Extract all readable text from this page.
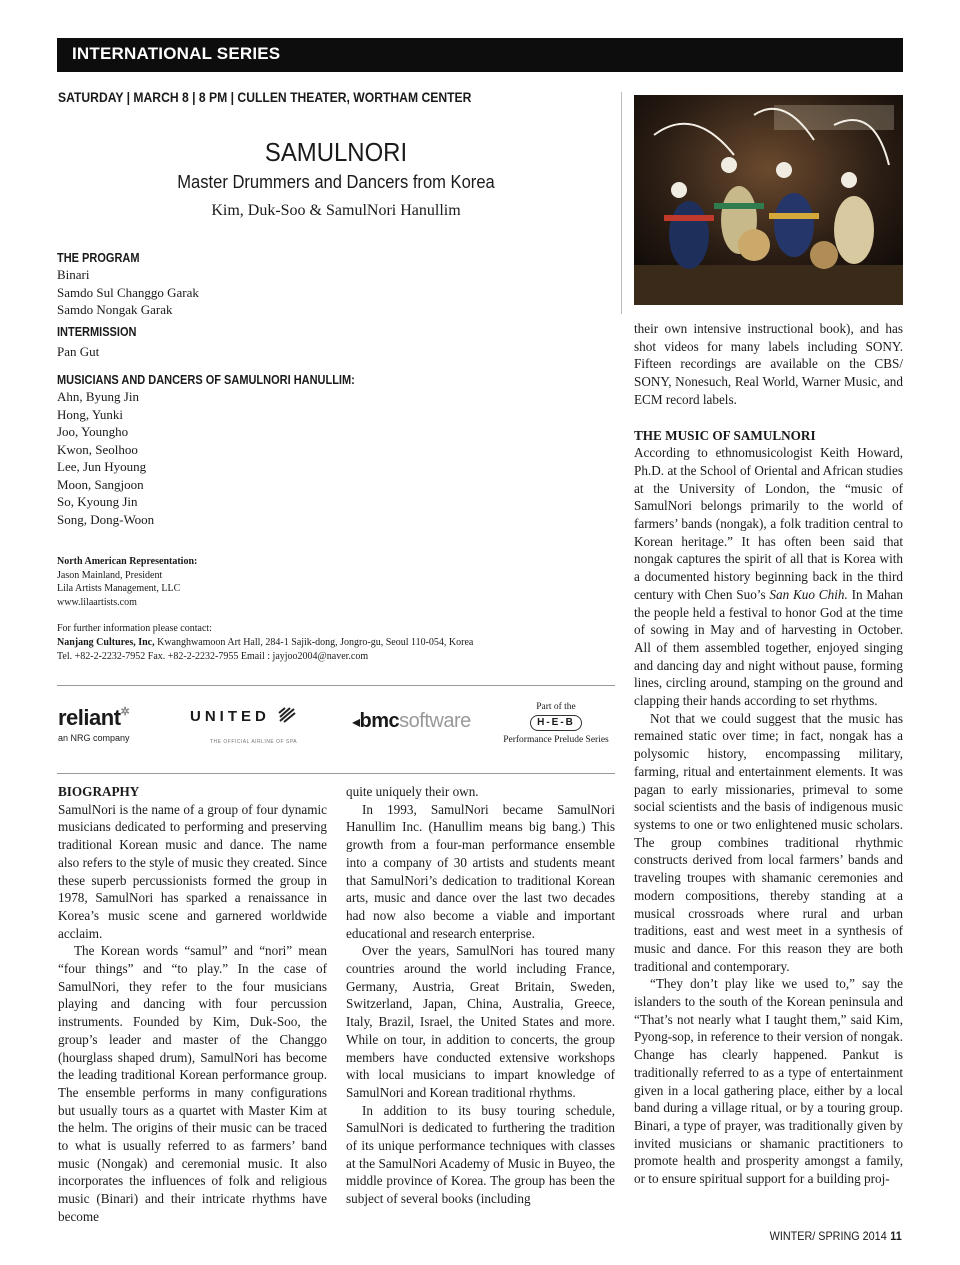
INTERNATIONAL SERIES
SATURDAY | MARCH 8 | 8 PM | CULLEN THEATER, WORTHAM CENTER
SAMULNORI
Master Drummers and Dancers from Korea
Kim, Duk-Soo & SamulNori Hanullim
THE PROGRAM
Binari
Samdo Sul Changgo Garak
Samdo Nongak Garak
INTERMISSION
Pan Gut
MUSICIANS AND DANCERS OF SAMULNORI HANULLIM:
Ahn, Byung Jin
Hong, Yunki
Joo, Youngho
Kwon, Seolhoo
Lee, Jun Hyoung
Moon, Sangjoon
So, Kyoung Jin
Song, Dong-Woon
North American Representation:
Jason Mainland, President
Lila Artists Management, LLC
www.lilaartists.com
For further information please contact:
Nanjang Cultures, Inc, Kwanghwamoon Art Hall, 284-1 Sajik-dong, Jongro-gu, Seoul 110-054, Korea
Tel. +82-2-2232-7952 Fax. +82-2-2232-7955 Email : jayjoo2004@naver.com
reliant✲
an NRG company
UNITED
THE OFFICIAL AIRLINE OF SPA
◂bmcsoftware
Part of the
H-E-B
Performance Prelude Series
BIOGRAPHY

SamulNori is the name of a group of four dynamic musicians dedicated to performing and preserving traditional Korean music and dance. The name also refers to the style of music they created. Since these superb percussionists formed the group in 1978, SamulNori has sparked a renaissance in Korea’s music scene and garnered worldwide acclaim.

The Korean words “samul” and “nori” mean “four things” and “to play.” In the case of SamulNori, they refer to the four musicians playing and dancing with four percussion instruments. Founded by Kim, Duk-Soo, the group’s leader and master of the Changgo (hourglass shaped drum), SamulNori has become the leading traditional Korean performance group. The ensemble performs in many configurations but usually tours as a quartet with Master Kim at the helm. The origins of their music can be traced to what is usually referred to as farmers’ band music (Nongak) and ceremonial music. It also incorporates the influences of folk and religious music (Binari) and their intricate rhythms have become

quite uniquely their own.

In 1993, SamulNori became SamulNori Hanullim Inc. (Hanullim means big bang.) This growth from a four-man performance ensemble into a company of 30 artists and students meant that SamulNori’s dedication to traditional Korean arts, music and dance over the last two decades had now also become a viable and important educational and research enterprise.

Over the years, SamulNori has toured many countries around the world including France, Germany, Austria, Great Britain, Sweden, Switzerland, Japan, China, Australia, Greece, Italy, Brazil, Israel, the United States and more. While on tour, in addition to concerts, the group members have conducted extensive workshops with local musicians to impart knowledge of SamulNori and Korean traditional rhythms.

In addition to its busy touring schedule, SamulNori is dedicated to furthering the tradition of its unique performance techniques with classes at the SamulNori Academy of Music in Buyeo, the middle province of Korea. The group has been the subject of several books (including

their own intensive instructional book), and has shot videos for many labels including SONY. Fifteen recordings are available on the CBS/ SONY, Nonesuch, Real World, Warner Music, and ECM record labels.

THE MUSIC OF SAMULNORI

According to ethnomusicologist Keith Howard, Ph.D. at the School of Oriental and African studies at the University of London, the “music of SamulNori belongs primarily to the world of farmers’ bands (nongak), a folk tradition central to Korean heritage.” It has often been said that nongak captures the spirit of all that is Korea with a documented history beginning back in the third century with Chen Suo’s San Kuo Chih. In Mahan the people held a festival to honor God at the time of sowing in May and of harvesting in October. All of them assembled together, enjoyed singing and dancing day and night without pause, forming lines, circling around, stamping on the ground and clapping their hands according to set rhythms.

Not that we could suggest that the music has remained static over time; in fact, nongak has a polysomic history, encompassing military, farming, ritual and entertainment elements. It was pagan to early missionaries, primeval to some social scientists and the basis of indigenous music systems to one or two enlightened music scholars. The group combines traditional rhythmic constructs derived from local farmers’ bands and traveling troupes with shamanic ceremonies and modern compositions, thereby standing at a musical crossroads where rural and urban traditions, east and west meet in a synthesis of music and dance. For this reason they are both traditional and contemporary.

“They don’t play like we used to,” say the islanders to the south of the Korean peninsula and “That’s not nearly what I taught them,” said Kim, Pyong-sop, in reference to their version of nongak. Change has clearly happened. Pankut is traditionally referred to as a type of entertainment given in a local gathering place, either by a local band during a village ritual, or by a touring group. Binari, a type of prayer, was traditionally given by invited musicians or shamanic practitioners to promote health and prosperity amongst a family, or to ensure spiritual support for a building proj-

WINTER/ SPRING 2014 11
